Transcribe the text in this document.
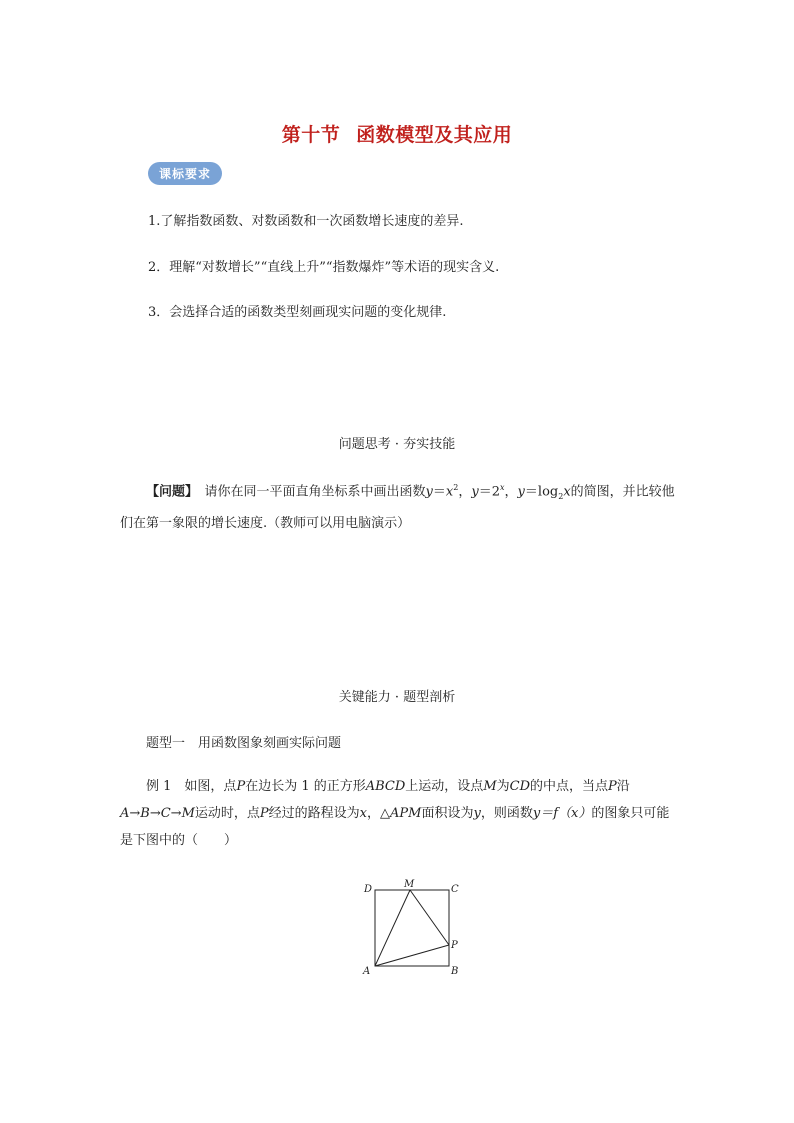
第十节 函数模型及其应用
课标要求
1.了解指数函数、对数函数和一次函数增长速度的差异.
2．理解“对数增长”“直线上升”“指数爆炸”等术语的现实含义.
3．会选择合适的函数类型刻画现实问题的变化规律.
问题思考 · 夯实技能
【问题】　 请你在同一平面直角坐标系中画出函数$y=x^2$，$y=2^x$，$y=\log_2x$的简图，并比较他们在第一象限的增长速度.（教师可以用电脑演示）
关键能力 · 题型剖析
题型一　用函数图象刻画实际问题
例 1　 如图，点P在边长为 1 的正方形ABCD上运动，设点M为CD的中点，当点P沿A→B→C→M运动时，点P经过的路程设为x，△APM面积设为y，则函数y＝f（x）的图象只可能是下图中的（　　）
D	M	C
P
A	B
